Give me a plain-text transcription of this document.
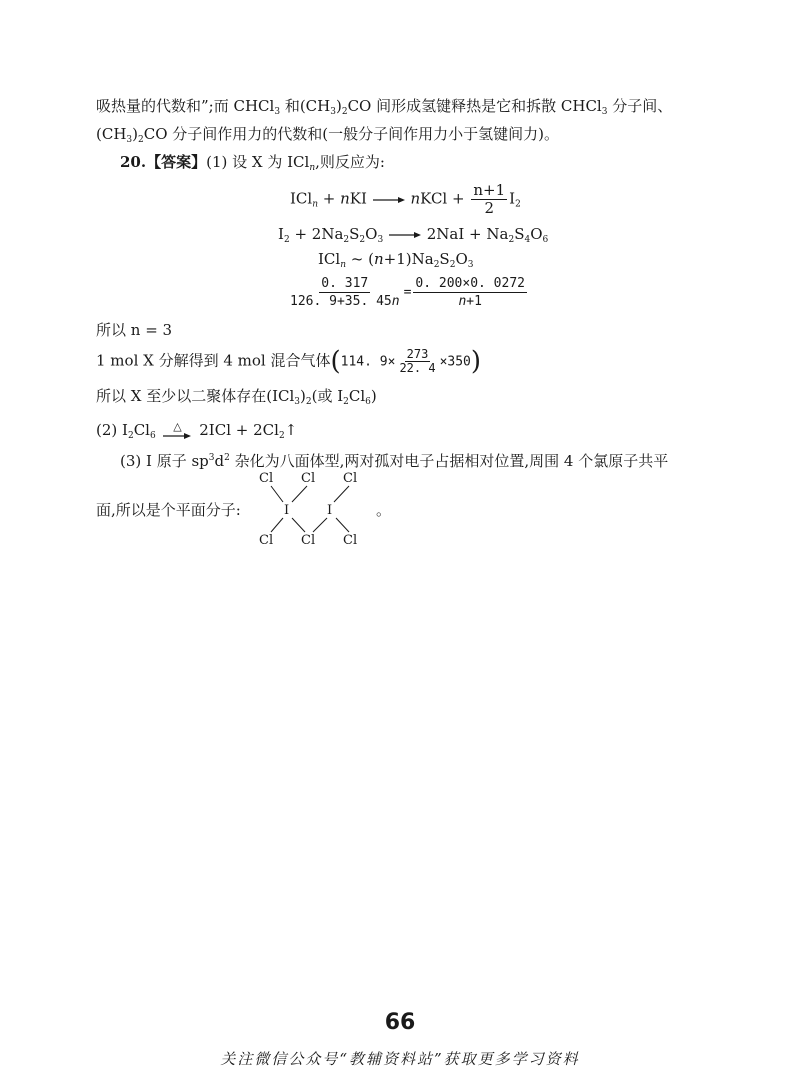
吸热量的代数和”;而 CHCl$_3$ 和$(CH_3)_2CO$ 间形成氢键释热是它和拆散 CHCl$_3$ 分子间、
$(CH_3)_2CO$ 分子间作用力的代数和(一般分子间作用力小于氢键间力)。
20.【答案】(1) 设 X 为 ICl$_n$,则反应为:
ICl$_n$ + nKI → nKCl + $\frac{n+1}{2} I_2$
$I_2 + 2Na_2S_2O_3 \to 2NaI + Na_2S_4O_6$
ICl$_n$ ~ $(n+1)Na_2S_2O_3$
$\frac{0. 317}{126. 9+35. 45n} = \frac{0. 200\times 0. 0272}{n+1}$
所以 n = 3
1 mol X 分解得到 4 mol 混合气体(114. $9\times \frac{273}{22. 4} \times 350$)
所以 X 至少以二聚体存在$(ICl_3)_2$(或 $I_2Cl_6$)
(2) $I_2Cl_6$
△ $2ICl + 2Cl_2↑$
(3) I 原子 $sp^3d^2$ 杂化为八面体型,两对孤对电子占据相对位置,周围 4 个氯原子共平
面,所以是个平面分子:
Cl Cl Cl
I	I
Cl Cl Cl
。
66
关注微信公众号“教辅资料站”获取更多学习资料
